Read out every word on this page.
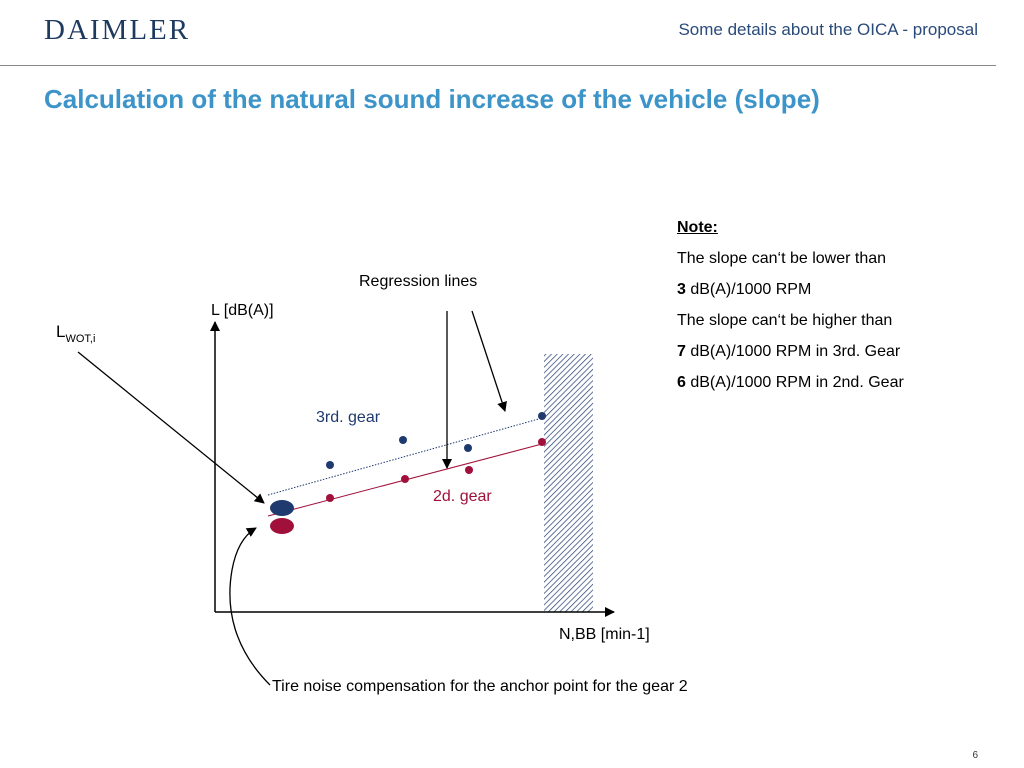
DAIMLER	Some details about the OICA - proposal
Calculation of the natural sound increase of the vehicle (slope)
Note:
The slope can‘t be lower than
3 dB(A)/1000 RPM
The slope can‘t be higher than
7 dB(A)/1000 RPM in 3rd. Gear
6 dB(A)/1000 RPM in 2nd. Gear
L [dB(A)]
N,BB [min-1]
$L_{WOT,i}$
Regression lines
3rd. gear
2d. gear
Tire noise compensation for the anchor point for the gear 2
6
